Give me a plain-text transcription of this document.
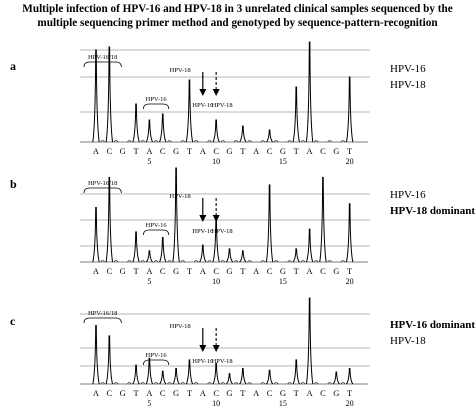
Multiple infection of HPV-16 and HPV-18 in 3 unrelated clinical samples sequenced by the
multiple sequencing primer method and genotyped by sequence-pattern-recognition
a
A C G T A C G T A C G T A C G T A C G T
5	10	15	20
HPV-16/18
HPV-16
HPV-18
HPV-16
HPV-18
HPV-16
HPV-18
b
A C G T A C G T A C G T A C G T A C G T
5	10	15	20
HPV-16/18
HPV-16
HPV-18
HPV-16
HPV-18
HPV-16
HPV-18 dominant
c
A C G T A C G T A C G T A C G T A C G T
5	10	15	20
HPV-16/18
HPV-16
HPV-18
HPV-16
HPV-18
HPV-16 dominant
HPV-18
